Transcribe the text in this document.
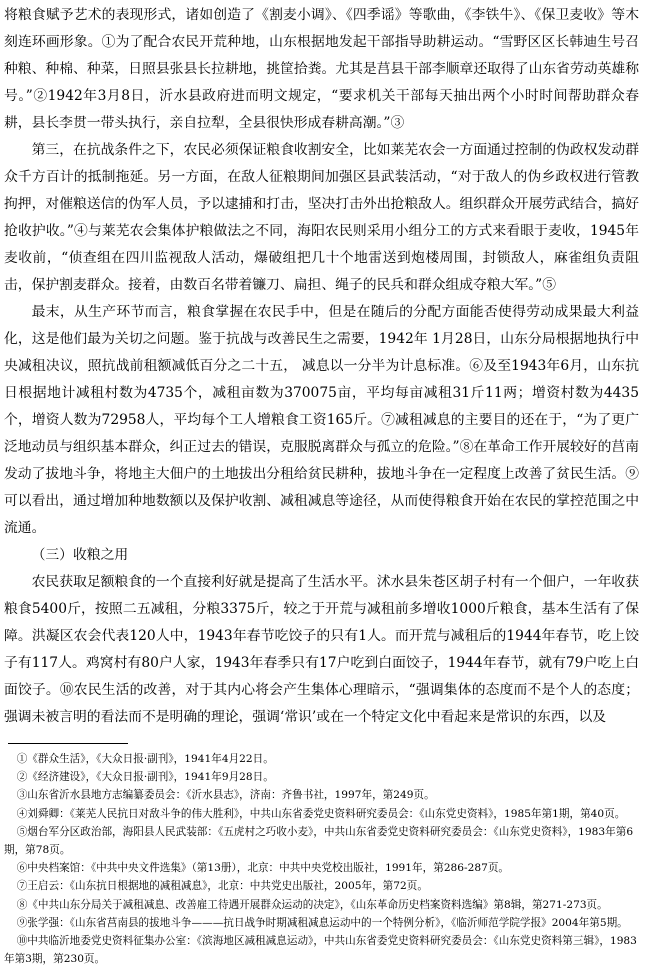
将粮食赋予艺术的表现形式，诸如创造了《割麦小调》、《四季谣》等歌曲，《李铁牛》、《保卫麦收》等木刻连环画形象。①为了配合农民开荒种地，山东根据地发起干部指导助耕运动。“雪野区区长韩迪生号召种粮、种棉、种菜，日照县张县长拉耕地，挑筐拾粪。尤其是莒县干部李顺章还取得了山东省劳动英雄称号。”②1942年3月8日，沂水县政府进而明文规定，“要求机关干部每天抽出两个小时时间帮助群众春耕，县长李贯一带头执行，亲自拉犁，全县很快形成春耕高潮。”③

第三，在抗战条件之下，农民必须保证粮食收割安全，比如莱芜农会一方面通过控制的伪政权发动群众千方百计的抵制拖延。另一方面，在敌人征粮期间加强区县武装活动，“对于敌人的伪乡政权进行管教拘押，对催粮送信的伪军人员，予以逮捕和打击，坚决打击外出抢粮敌人。组织群众开展劳武结合，搞好抢收护收。”④与莱芜农会集体护粮做法之不同，海阳农民则采用小组分工的方式来看眼于麦收，1945年麦收前，“侦查组在四川监视敌人活动，爆破组把几十个地雷送到炮楼周围，封锁敌人，麻雀组负责阻击，保护割麦群众。接着，由数百名带着镰刀、扁担、绳子的民兵和群众组成夺粮大军。”⑤

最末，从生产环节而言，粮食掌握在农民手中，但是在随后的分配方面能否使得劳动成果最大利益化，这是他们最为关切之问题。鉴于抗战与改善民生之需要，1942年 1月28日，山东分局根据地执行中央减租决议，照抗战前租额减低百分之二十五， 减息以一分半为计息标准。⑥及至1943年6月，山东抗日根据地计减租村数为4735个，减租亩数为370075亩，平均每亩减租31斤11两；增资村数为4435个，增资人数为72958人，平均每个工人增粮食工资165斤。⑦减租减息的主要目的还在于，“为了更广泛地动员与组织基本群众，纠正过去的错误，克服脱离群众与孤立的危险。”⑧在革命工作开展较好的莒南发动了拔地斗争，将地主大佃户的土地拔出分租给贫民耕种，拔地斗争在一定程度上改善了贫民生活。⑨可以看出，通过增加种地数额以及保护收割、减租减息等途径，从而使得粮食开始在农民的掌控范围之中流通。

（三）收粮之用

农民获取足额粮食的一个直接利好就是提高了生活水平。沭水县朱苍区胡子村有一个佃户，一年收获粮食5400斤，按照二五减租，分粮3375斤，较之于开荒与减租前多增收1000斤粮食，基本生活有了保障。洪凝区农会代表120人中，1943年春节吃饺子的只有1人。而开荒与减租后的1944年春节，吃上饺子有117人。鸡窝村有80户人家，1943年春季只有17户吃到白面饺子，1944年春节，就有79户吃上白面饺子。⑩农民生活的改善，对于其内心将会产生集体心理暗示，“强调集体的态度而不是个人的态度；强调未被言明的看法而不是明确的理论，强调‘常识’或在一个特定文化中看起来是常识的东西，以及

①《群众生活》，《大众日报·副刊》，1941年4月22日。

②《经济建设》，《大众日报·副刊》，1941年9月28日。

③山东省沂水县地方志编纂委员会：《沂水县志》，济南：齐鲁书社，1997年，第249页。

④刘舜卿：《莱芜人民抗日对敌斗争的伟大胜利》，中共山东省委党史资料研究委员会：《山东党史资料》，1985年第1期，第40页。

⑤烟台军分区政治部，海阳县人民武装部：《五虎村之巧收小麦》，中共山东省委党史资料研究委员会：《山东党史资料》，1983年第6期，第78页。

⑥中央档案馆：《中共中央文件选集》（第13册），北京：中共中央党校出版社，1991年，第286-287页。

⑦王启云：《山东抗日根据地的减租减息》，北京：中共党史出版社，2005年，第72页。

⑧《中共山东分局关于减租减息、改善雇工待遇开展群众运动的决定》，《山东革命历史档案资料选编》第8辑，第271-273页。

⑨张学强：《山东省莒南县的拔地斗争———抗日战争时期减租减息运动中的一个特例分析》，《临沂师范学院学报》2004年第5期。

⑩中共临沂地委党史资料征集办公室：《滨海地区减租减息运动》，中共山东省委党史资料研究委员会：《山东党史资料第三辑》，1983年第3期，第230页。
